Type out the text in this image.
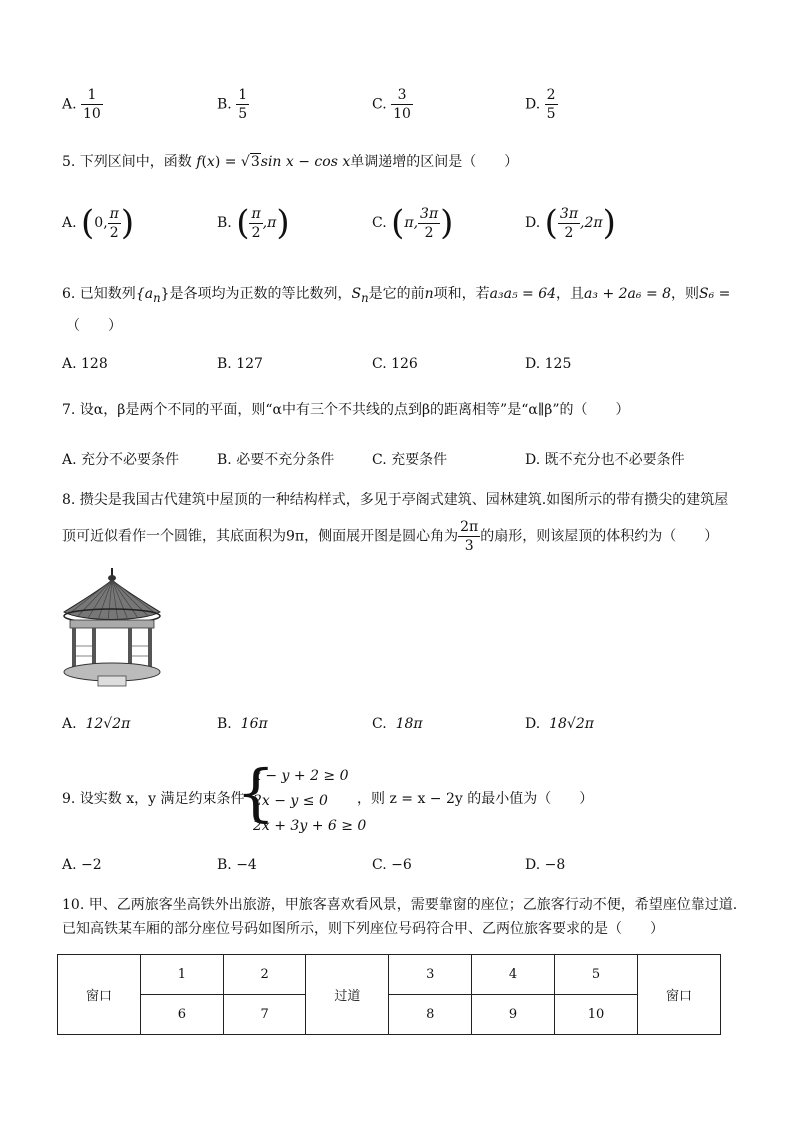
A. $\frac{1}{10}$	B. $\frac{1}{5}$	C. $\frac{3}{10}$	D. $\frac{2}{5}$
5. 下列区间中，函数 f(x) = √3sin x − cos x单调递增的区间是（　　）
A. (0, $\frac{\pi}{2}$ )	B. ( $\frac{\pi}{2} ,\pi$)	C. (π, $\frac{3\pi}{2}$ )	D. ( $\frac{3\pi}{2} ,2\pi$)
6. 已知数列$\{a_n\}$是各项均为正数的等比数列，$S_n$是它的前n项和，若a₃a₅ = 64，且a₃ + 2a₆ = 8，则S₆ =
（　　）
A. 128	B. 127	C. 126	D. 125
7. 设α，β是两个不同的平面，则“α中有三个不共线的点到β的距离相等”是“α∥β”的（　　）
A. 充分不必要条件	B. 必要不充分条件	C. 充要条件	D. 既不充分也不必要条件
8. 攒尖是我国古代建筑中屋顶的一种结构样式，多见于亭阁式建筑、园林建筑.如图所示的带有攒尖的建筑屋
顶可近似看作一个圆锥，其底面积为9π，侧面展开图是圆心角为 $\frac{2\pi}{3}$ 的扇形，则该屋顶的体积约为（　　）
A. 12√2π	B. 16π	C. 18π	D. 18√2π
9. 设实数 x，y 满足约束条件
{
x − y + 2 ≥ 0
2x − y ≤ 0
2x + 3y + 6 ≥ 0
，则 z = x − 2y 的最小值为（　　）
A. −2	B. −4	C. −6	D. −8
10. 甲、乙两旅客坐高铁外出旅游，甲旅客喜欢看风景，需要靠窗的座位；乙旅客行动不便，希望座位靠过道.
已知高铁某车厢的部分座位号码如图所示，则下列座位号码符合甲、乙两位旅客要求的是（　　）
窗口	1	2	过道	3	4	5	窗口
	6	7		8	9	10	
